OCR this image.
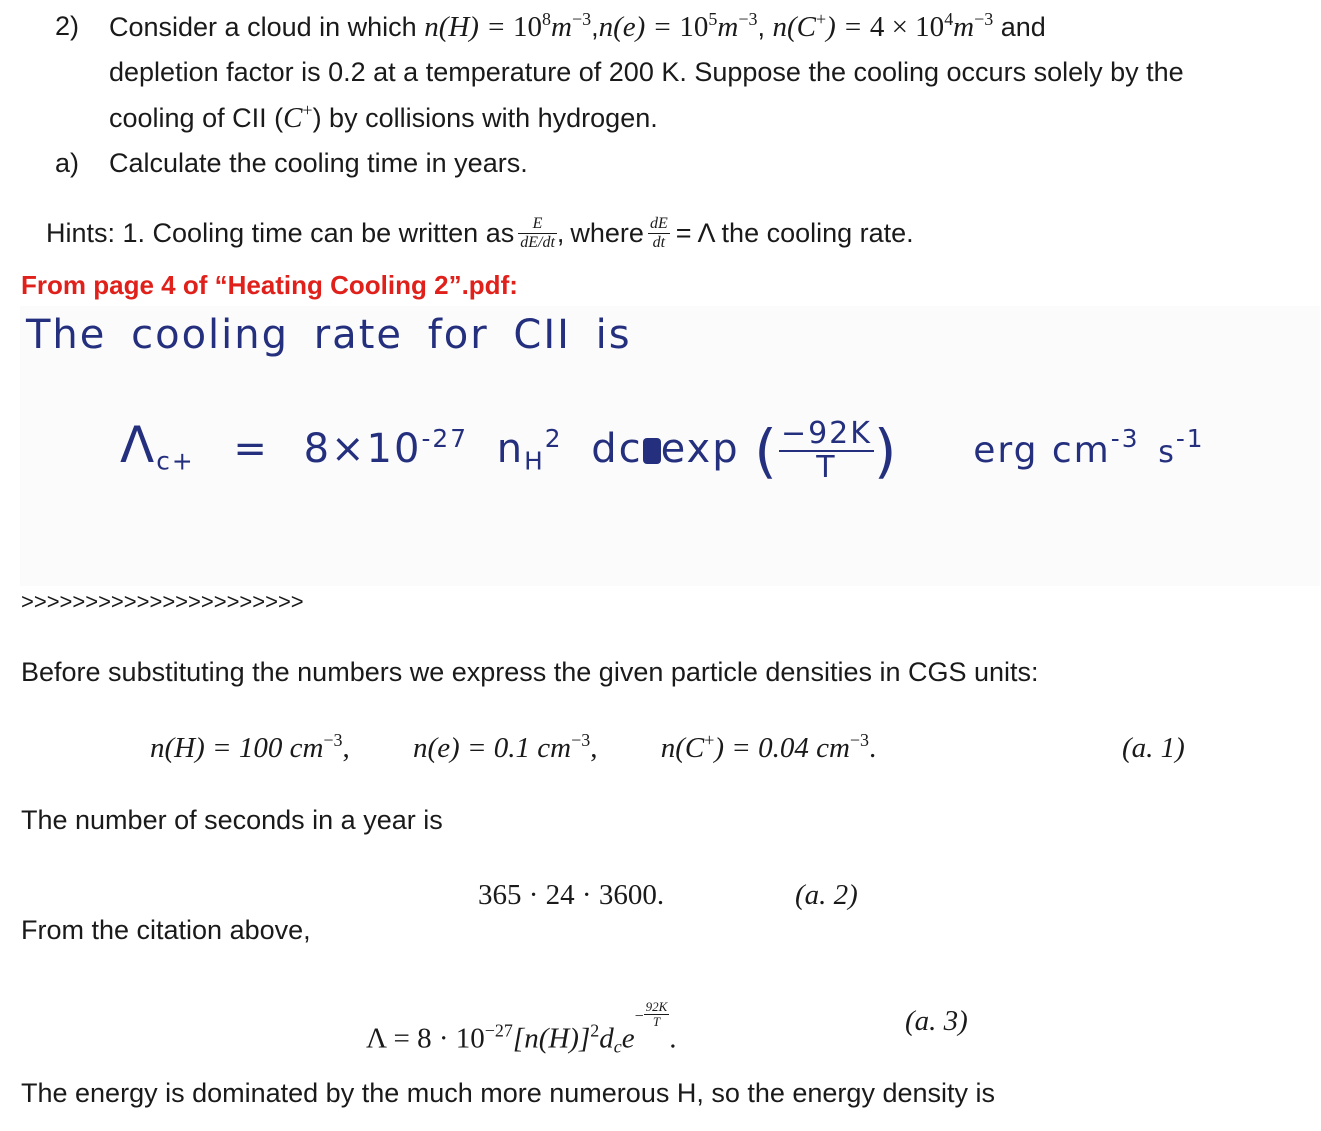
2) Consider a cloud in which $n(H) = 10^8m^{-3},n(e) = 10^5m^{-3}$, $n(C^+) = 4 \times 10^4m^{-3}$ and
depletion factor is 0.2 at a temperature of 200 K. Suppose the cooling occurs solely by the
cooling of CII (C+) by collisions with hydrogen.
a) Calculate the cooling time in years.
Hints: 1. Cooling time can be written as $\frac{E}{dE/dt}$ , where $\frac{dE}{dt} = \Lambda$ the cooling rate.
From page 4 of “Heating Cooling 2”.pdf:
The cooling rate for CII is
$\Lambda_{c+} = 8\times 10^{-27}$ $n_H^2$ dc exp ( $\frac{-92K}{T}$ ) erg $cm^{-3}$ $s^{-1}$
>>>>>>>>>>>>>>>>>>>>>>
Before substituting the numbers we express the given particle densities in CGS units:
n(H) = 100 $cm^{-3}$, n(e) = 0.1 $cm^{-3}$, n(C+) = 0.04 $cm^{-3}$.	(a. 1)
The number of seconds in a year is
365 · 24 · 3600.	(a. 2)
From the citation above,
$\Lambda = 8 \cdot 10^{-27}[n(H)]^2d_ce- \frac{92K}{T}$
.
(a. 3)
The energy is dominated by the much more numerous H, so the energy density is
